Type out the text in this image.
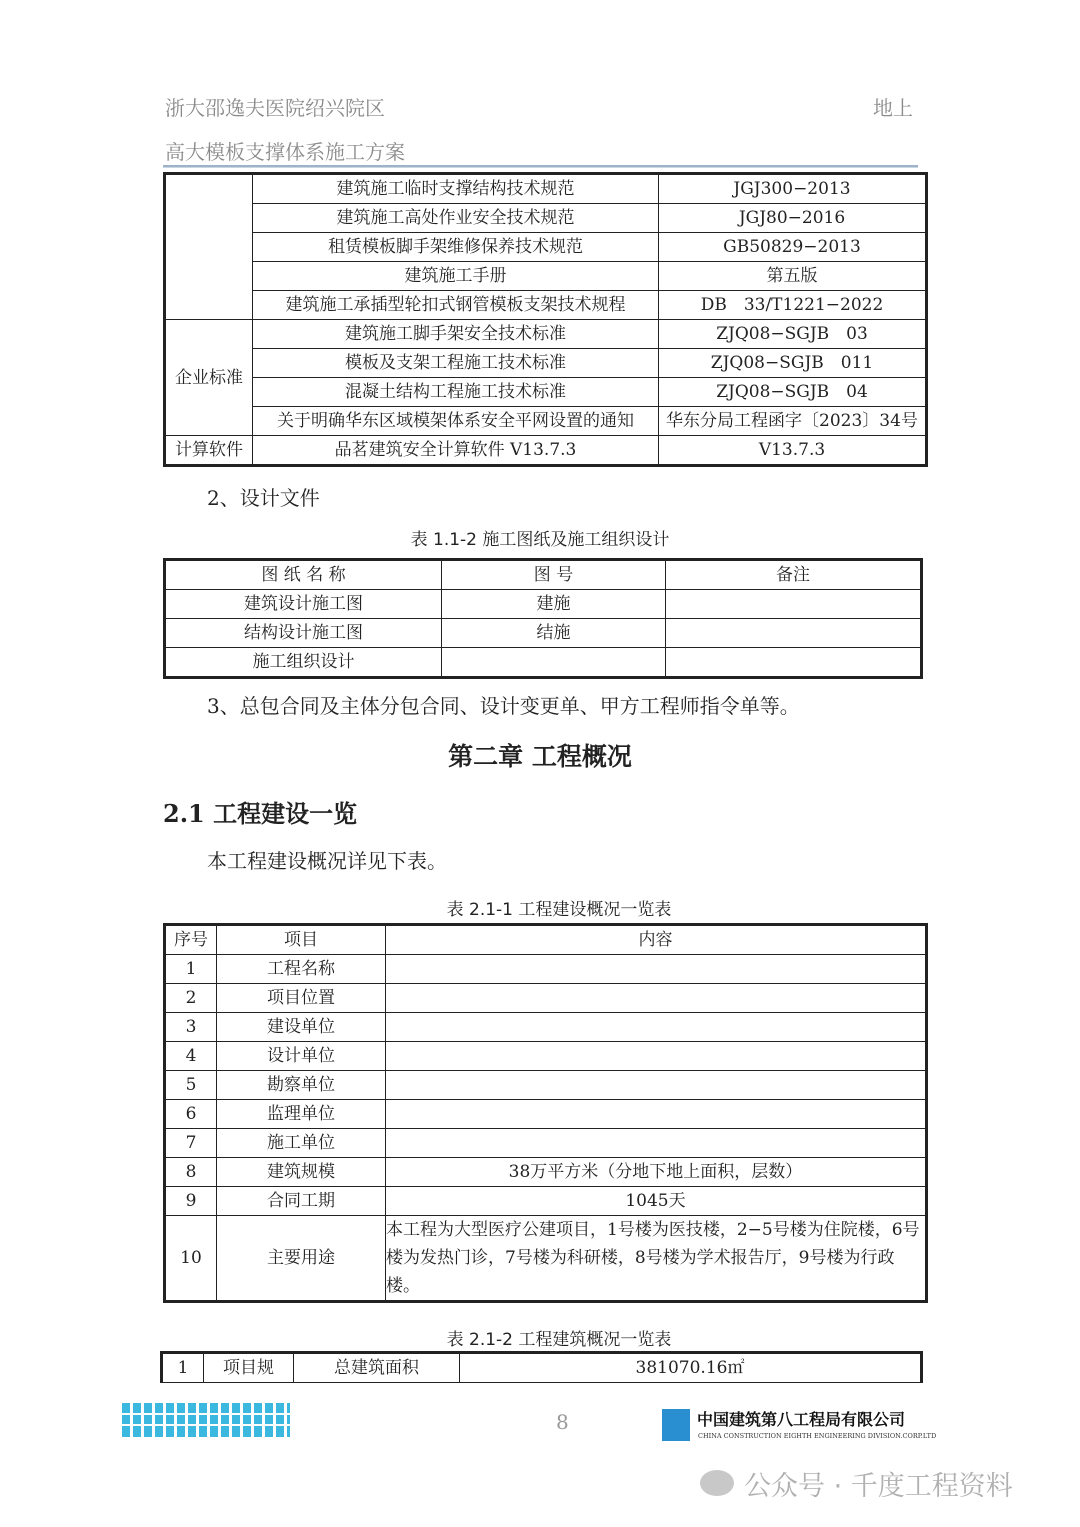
浙大邵逸夫医院绍兴院区	地上
高大模板支撑体系施工方案
	建筑施工临时支撑结构技术规范	JGJ300−2013
	建筑施工高处作业安全技术规范	JGJ80−2016
	租赁模板脚手架维修保养技术规范	GB50829−2013
	建筑施工手册	第五版
	建筑施工承插型轮扣式钢管模板支架技术规程	DB　33/T1221−2022
企业标准	建筑施工脚手架安全技术标准	ZJQ08−SGJB　03
	模板及支架工程施工技术标准	ZJQ08−SGJB　011
	混凝土结构工程施工技术标准	ZJQ08−SGJB　04
	关于明确华东区域模架体系安全平网设置的通知	华东分局工程函字〔2023〕34号
计算软件	品茗建筑安全计算软件 V13.7.3	V13.7.3
2、设计文件
表 1.1-2 施工图纸及施工组织设计
图 纸 名 称	图 号	备注
建筑设计施工图	建施	
结构设计施工图	结施	
施工组织设计		
3、总包合同及主体分包合同、设计变更单、甲方工程师指令单等。
第二章 工程概况
2.1 工程建设一览
本工程建设概况详见下表。
表 2.1-1 工程建设概况一览表
序号	项目	内容
1	工程名称	
2	项目位置	
3	建设单位	
4	设计单位	
5	勘察单位	
6	监理单位	
7	施工单位	
8	建筑规模	38万平方米（分地下地上面积，层数）
9	合同工期	1045天
10	主要用途	本工程为大型医疗公建项目，1号楼为医技楼，2−5号楼为住院楼，6号楼为发热门诊，7号楼为科研楼，8号楼为学术报告厅，9号楼为行政楼。
表 2.1-2 工程建筑概况一览表
1	项目规	总建筑面积	381070.16㎡
8	中国建筑第八工程局有限公司
CHINA CONSTRUCTION EIGHTH ENGINEERING DIVISION.CORP.LTD
公众号 · 千度工程资料
